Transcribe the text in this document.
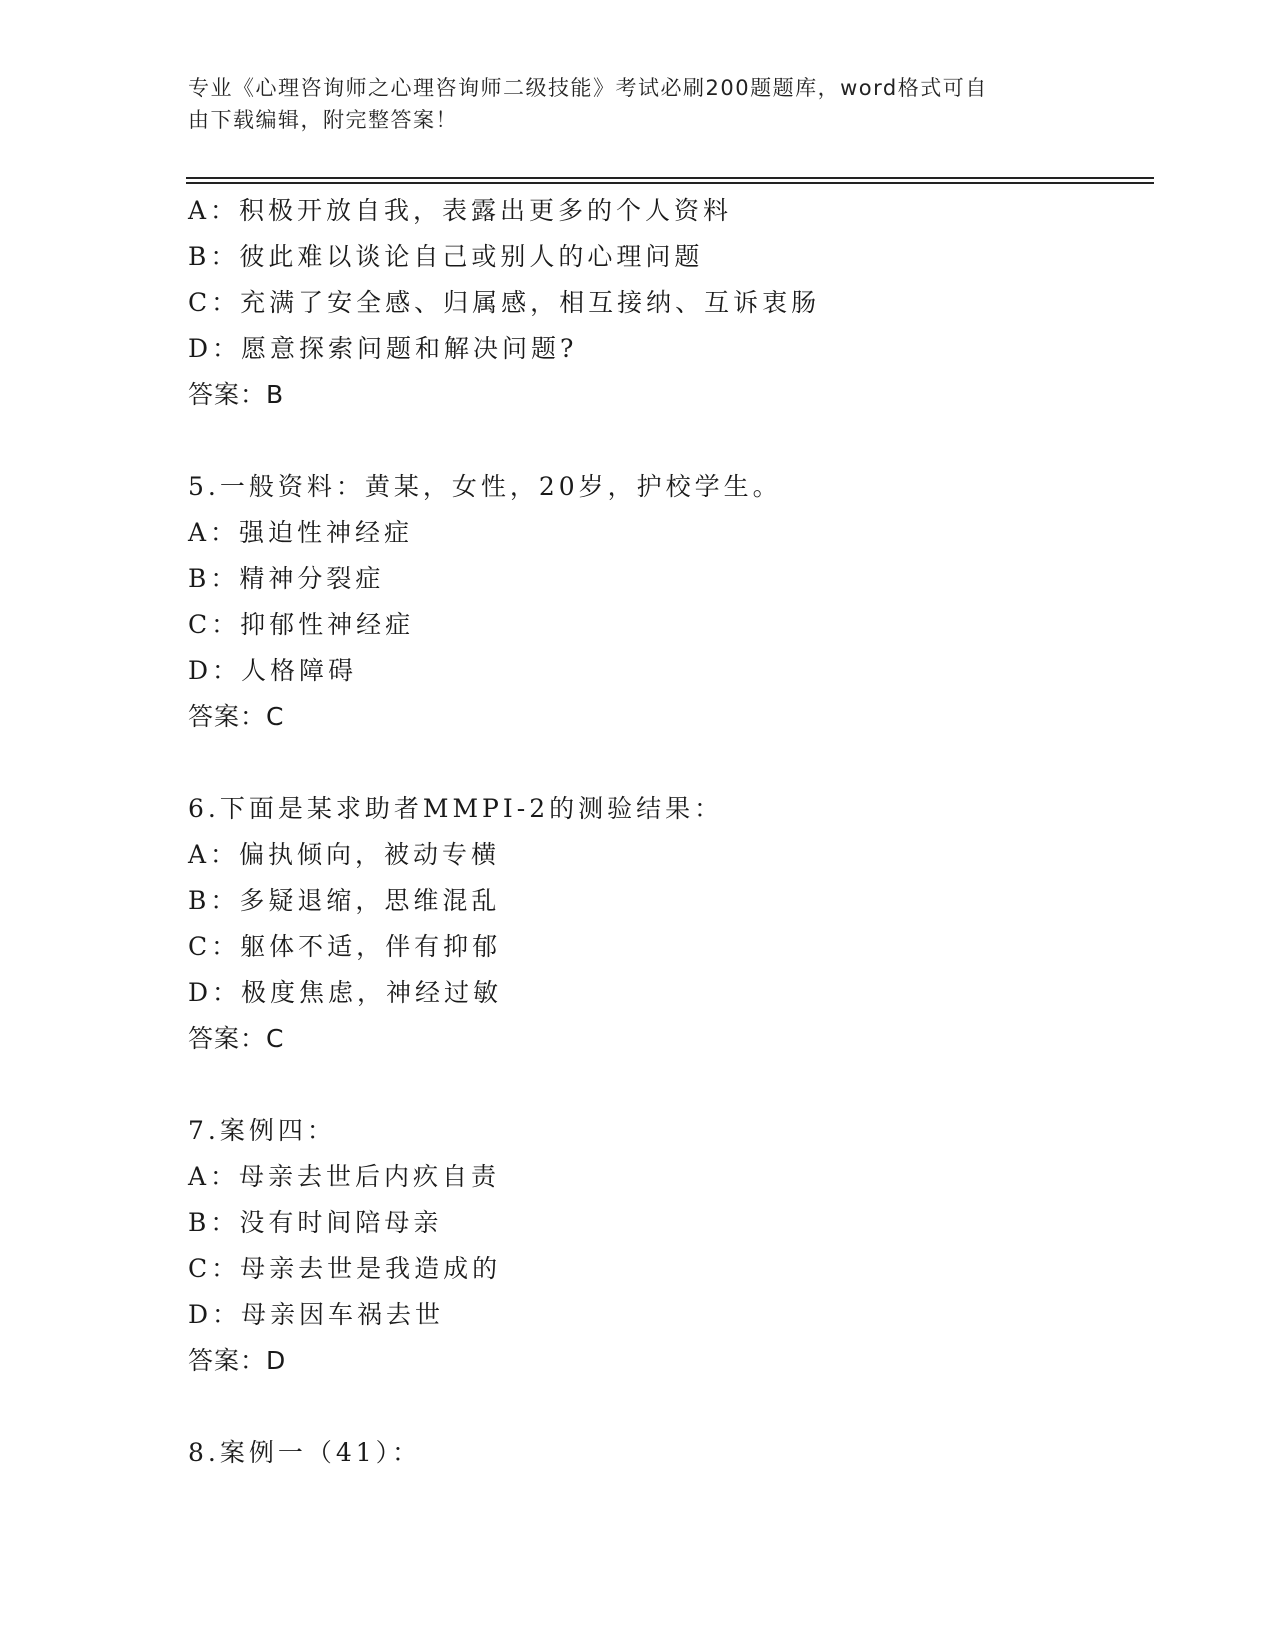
专业《心理咨询师之心理咨询师二级技能》考试必刷200题题库，word格式可自
由下载编辑，附完整答案！
A：积极开放自我，表露出更多的个人资料
B：彼此难以谈论自己或别人的心理问题
C：充满了安全感、归属感，相互接纳、互诉衷肠
D：愿意探索问题和解决问题?
答案：B
5.一般资料：黄某，女性，20岁，护校学生。
A：强迫性神经症
B：精神分裂症
C：抑郁性神经症
D：人格障碍
答案：C
6.下面是某求助者MMPI-2的测验结果：
A：偏执倾向，被动专横
B：多疑退缩，思维混乱
C：躯体不适，伴有抑郁
D：极度焦虑，神经过敏
答案：C
7.案例四：
A：母亲去世后内疚自责
B：没有时间陪母亲
C：母亲去世是我造成的
D：母亲因车祸去世
答案：D
8.案例一（41）：
